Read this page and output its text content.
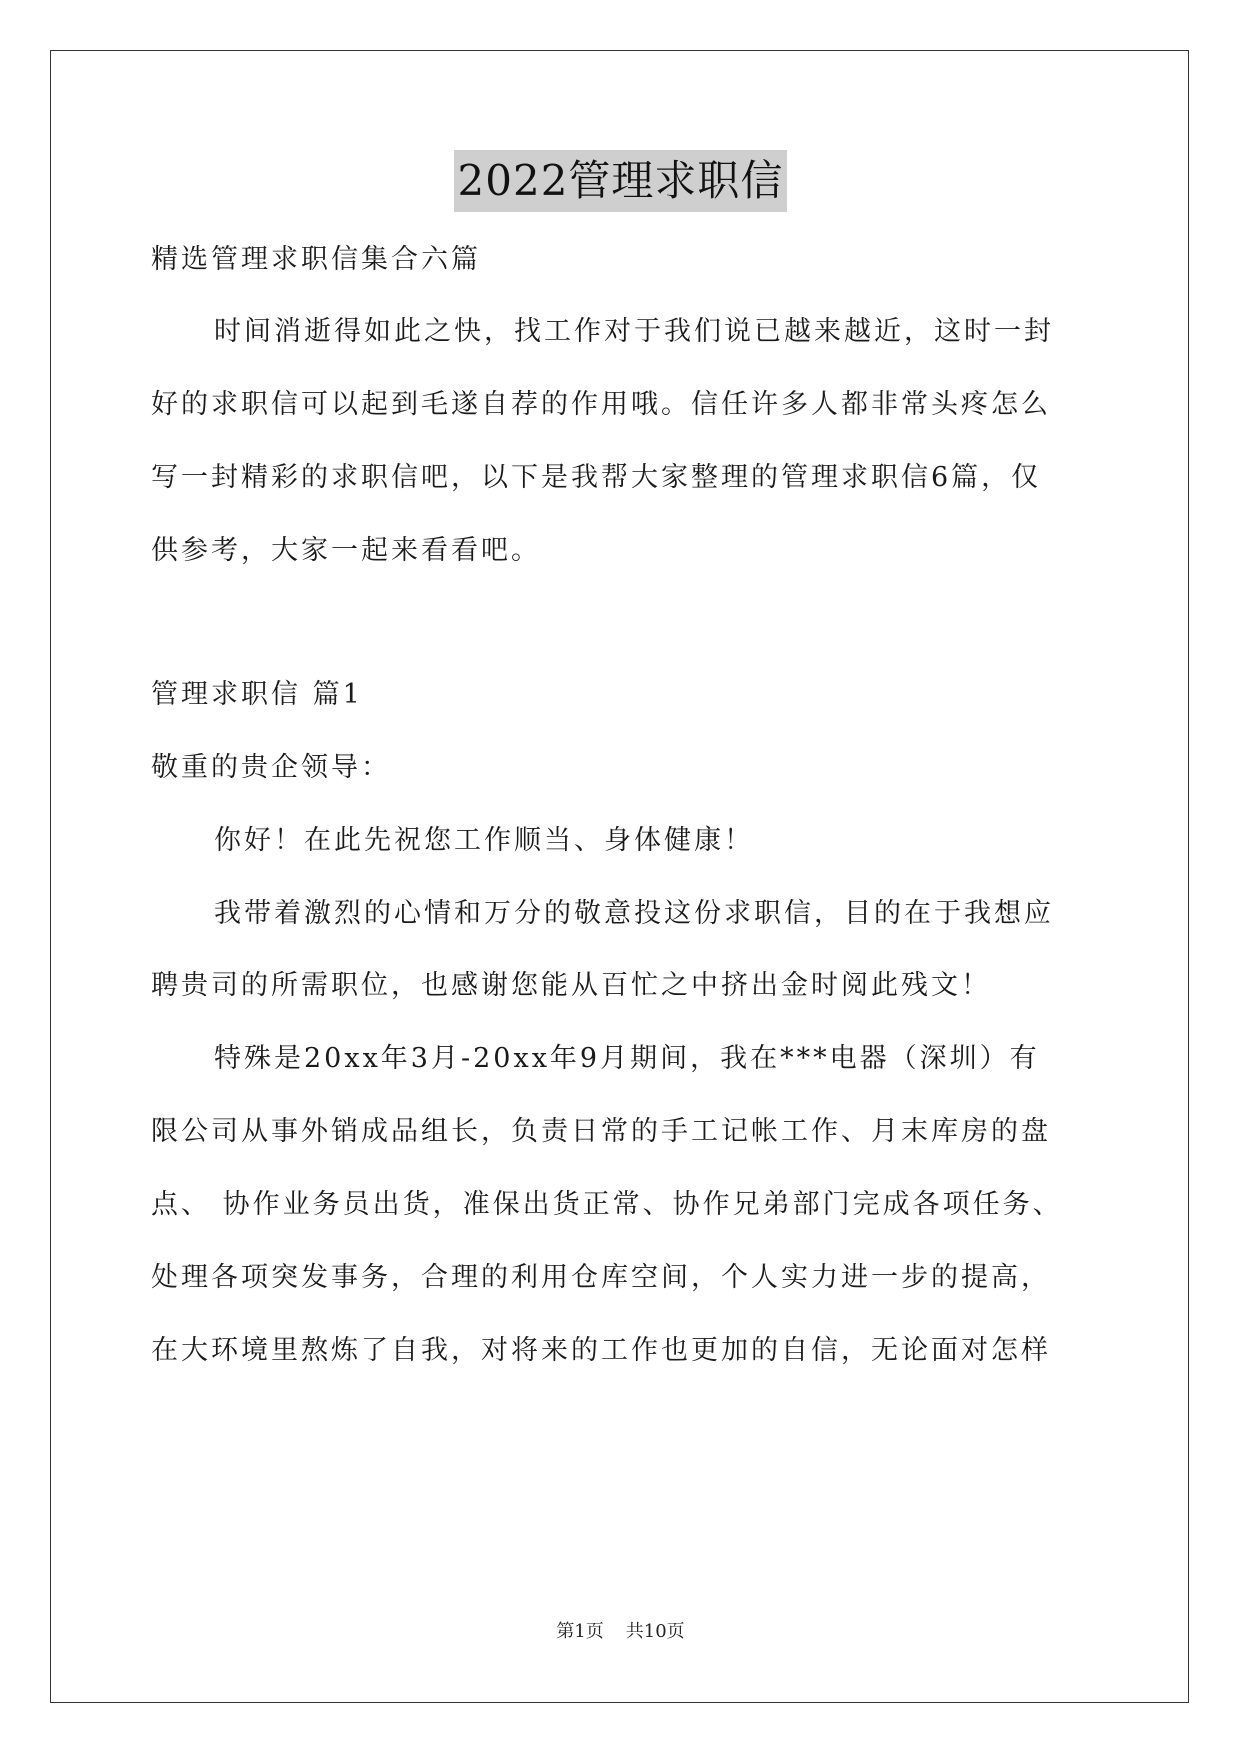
2022管理求职信
精选管理求职信集合六篇
时间消逝得如此之快，找工作对于我们说已越来越近，这时一封
好的求职信可以起到毛遂自荐的作用哦。信任许多人都非常头疼怎么
写一封精彩的求职信吧，以下是我帮大家整理的管理求职信6篇，仅
供参考，大家一起来看看吧。
管理求职信 篇1
敬重的贵企领导：
你好！在此先祝您工作顺当、身体健康！
我带着激烈的心情和万分的敬意投这份求职信，目的在于我想应
聘贵司的所需职位，也感谢您能从百忙之中挤出金时阅此残文！
特殊是20xx年3月-20xx年9月期间，我在***电器（深圳）有
限公司从事外销成品组长，负责日常的手工记帐工作、月末库房的盘
点、 协作业务员出货，准保出货正常、协作兄弟部门完成各项任务、
处理各项突发事务，合理的利用仓库空间，个人实力进一步的提高，
在大环境里熬炼了自我，对将来的工作也更加的自信，无论面对怎样
第1页 共10页
